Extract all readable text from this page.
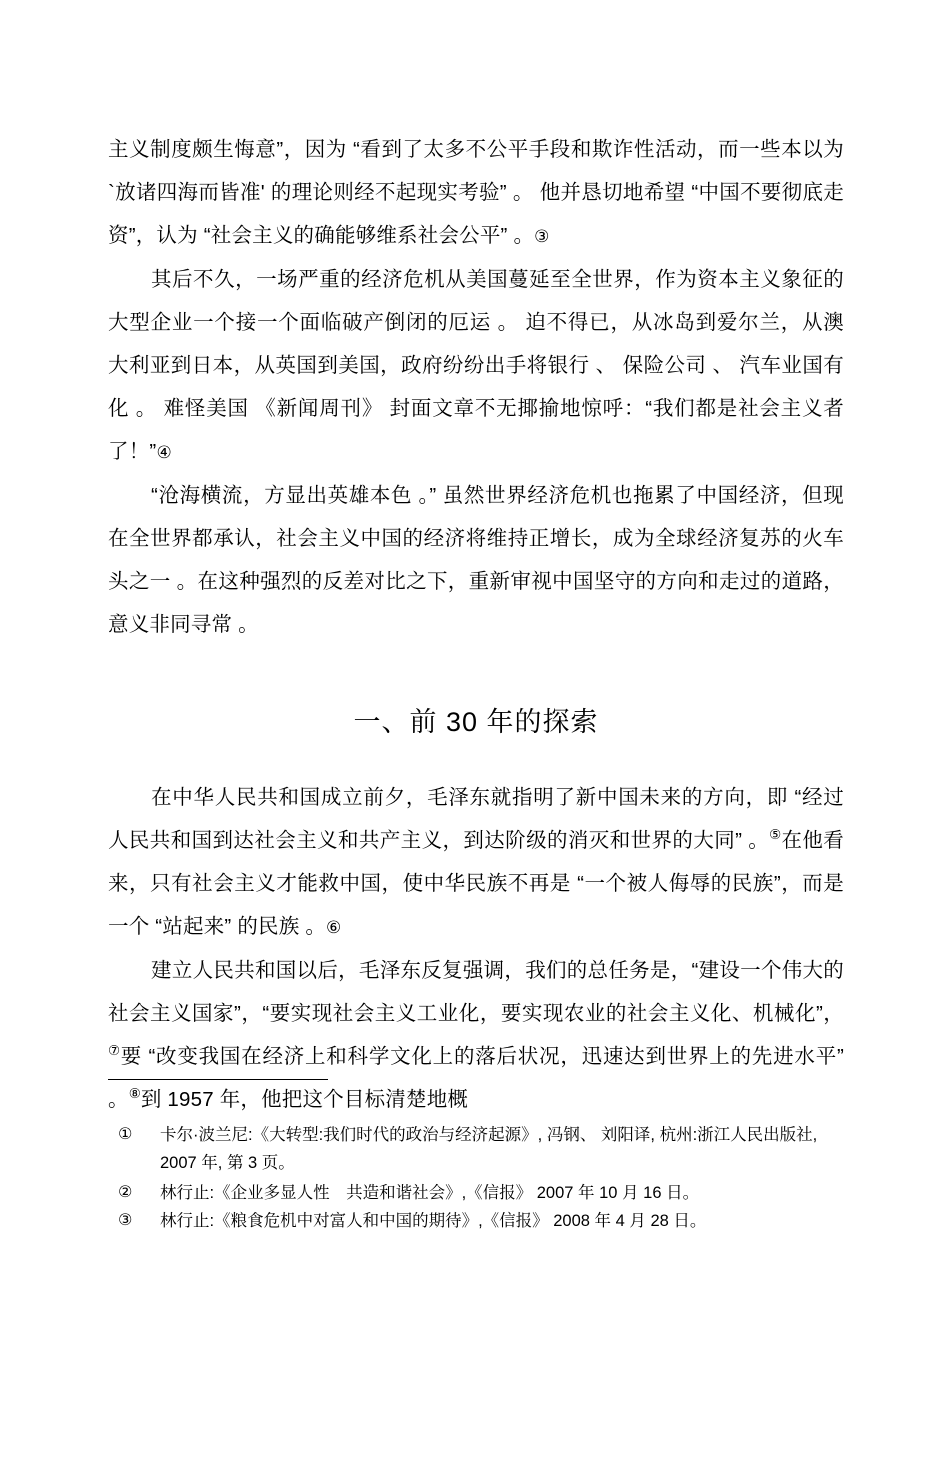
主义制度颇生悔意”，因为 “看到了太多不公平手段和欺诈性活动，而一些本以为 `放诸四海而皆准' 的理论则经不起现实考验” 。 他并恳切地希望 “中国不要彻底走资”，认为 “社会主义的确能够维系社会公平” 。③

其后不久，一场严重的经济危机从美国蔓延至全世界，作为资本主义象征的大型企业一个接一个面临破产倒闭的厄运 。 迫不得已，从冰岛到爱尔兰，从澳大利亚到日本，从英国到美国，政府纷纷出手将银行 、 保险公司 、 汽车业国有化 。 难怪美国 《新闻周刊》 封面文章不无揶揄地惊呼：“我们都是社会主义者了！”④

“沧海横流，方显出英雄本色 。” 虽然世界经济危机也拖累了中国经济，但现在全世界都承认，社会主义中国的经济将维持正增长，成为全球经济复苏的火车头之一 。在这种强烈的反差对比之下，重新审视中国坚守的方向和走过的道路，意义非同寻常 。

一、前 30 年的探索

在中华人民共和国成立前夕，毛泽东就指明了新中国未来的方向，即 “经过人民共和国到达社会主义和共产主义，到达阶级的消灭和世界的大同” 。⑤在他看来，只有社会主义才能救中国，使中华民族不再是 “一个被人侮辱的民族”，而是一个 “站起来” 的民族 。⑥

建立人民共和国以后，毛泽东反复强调，我们的总任务是，“建设一个伟大的社会主义国家”，“要实现社会主义工业化，要实现农业的社会主义化、机械化”，⑦要 “改变我国在经济上和科学文化上的落后状况，迅速达到世界上的先进水平” 。⑧到 1957 年，他把这个目标清楚地概

①	卡尔·波兰尼:《大转型:我们时代的政治与经济起源》, 冯钢、 刘阳译, 杭州:浙江人民出版社,
2007 年, 第 3 页。
②	林行止:《企业多显人性　共造和谐社会》,《信报》 2007 年 10 月 16 日。
③	林行止:《粮食危机中对富人和中国的期待》,《信报》 2008 年 4 月 28 日。
